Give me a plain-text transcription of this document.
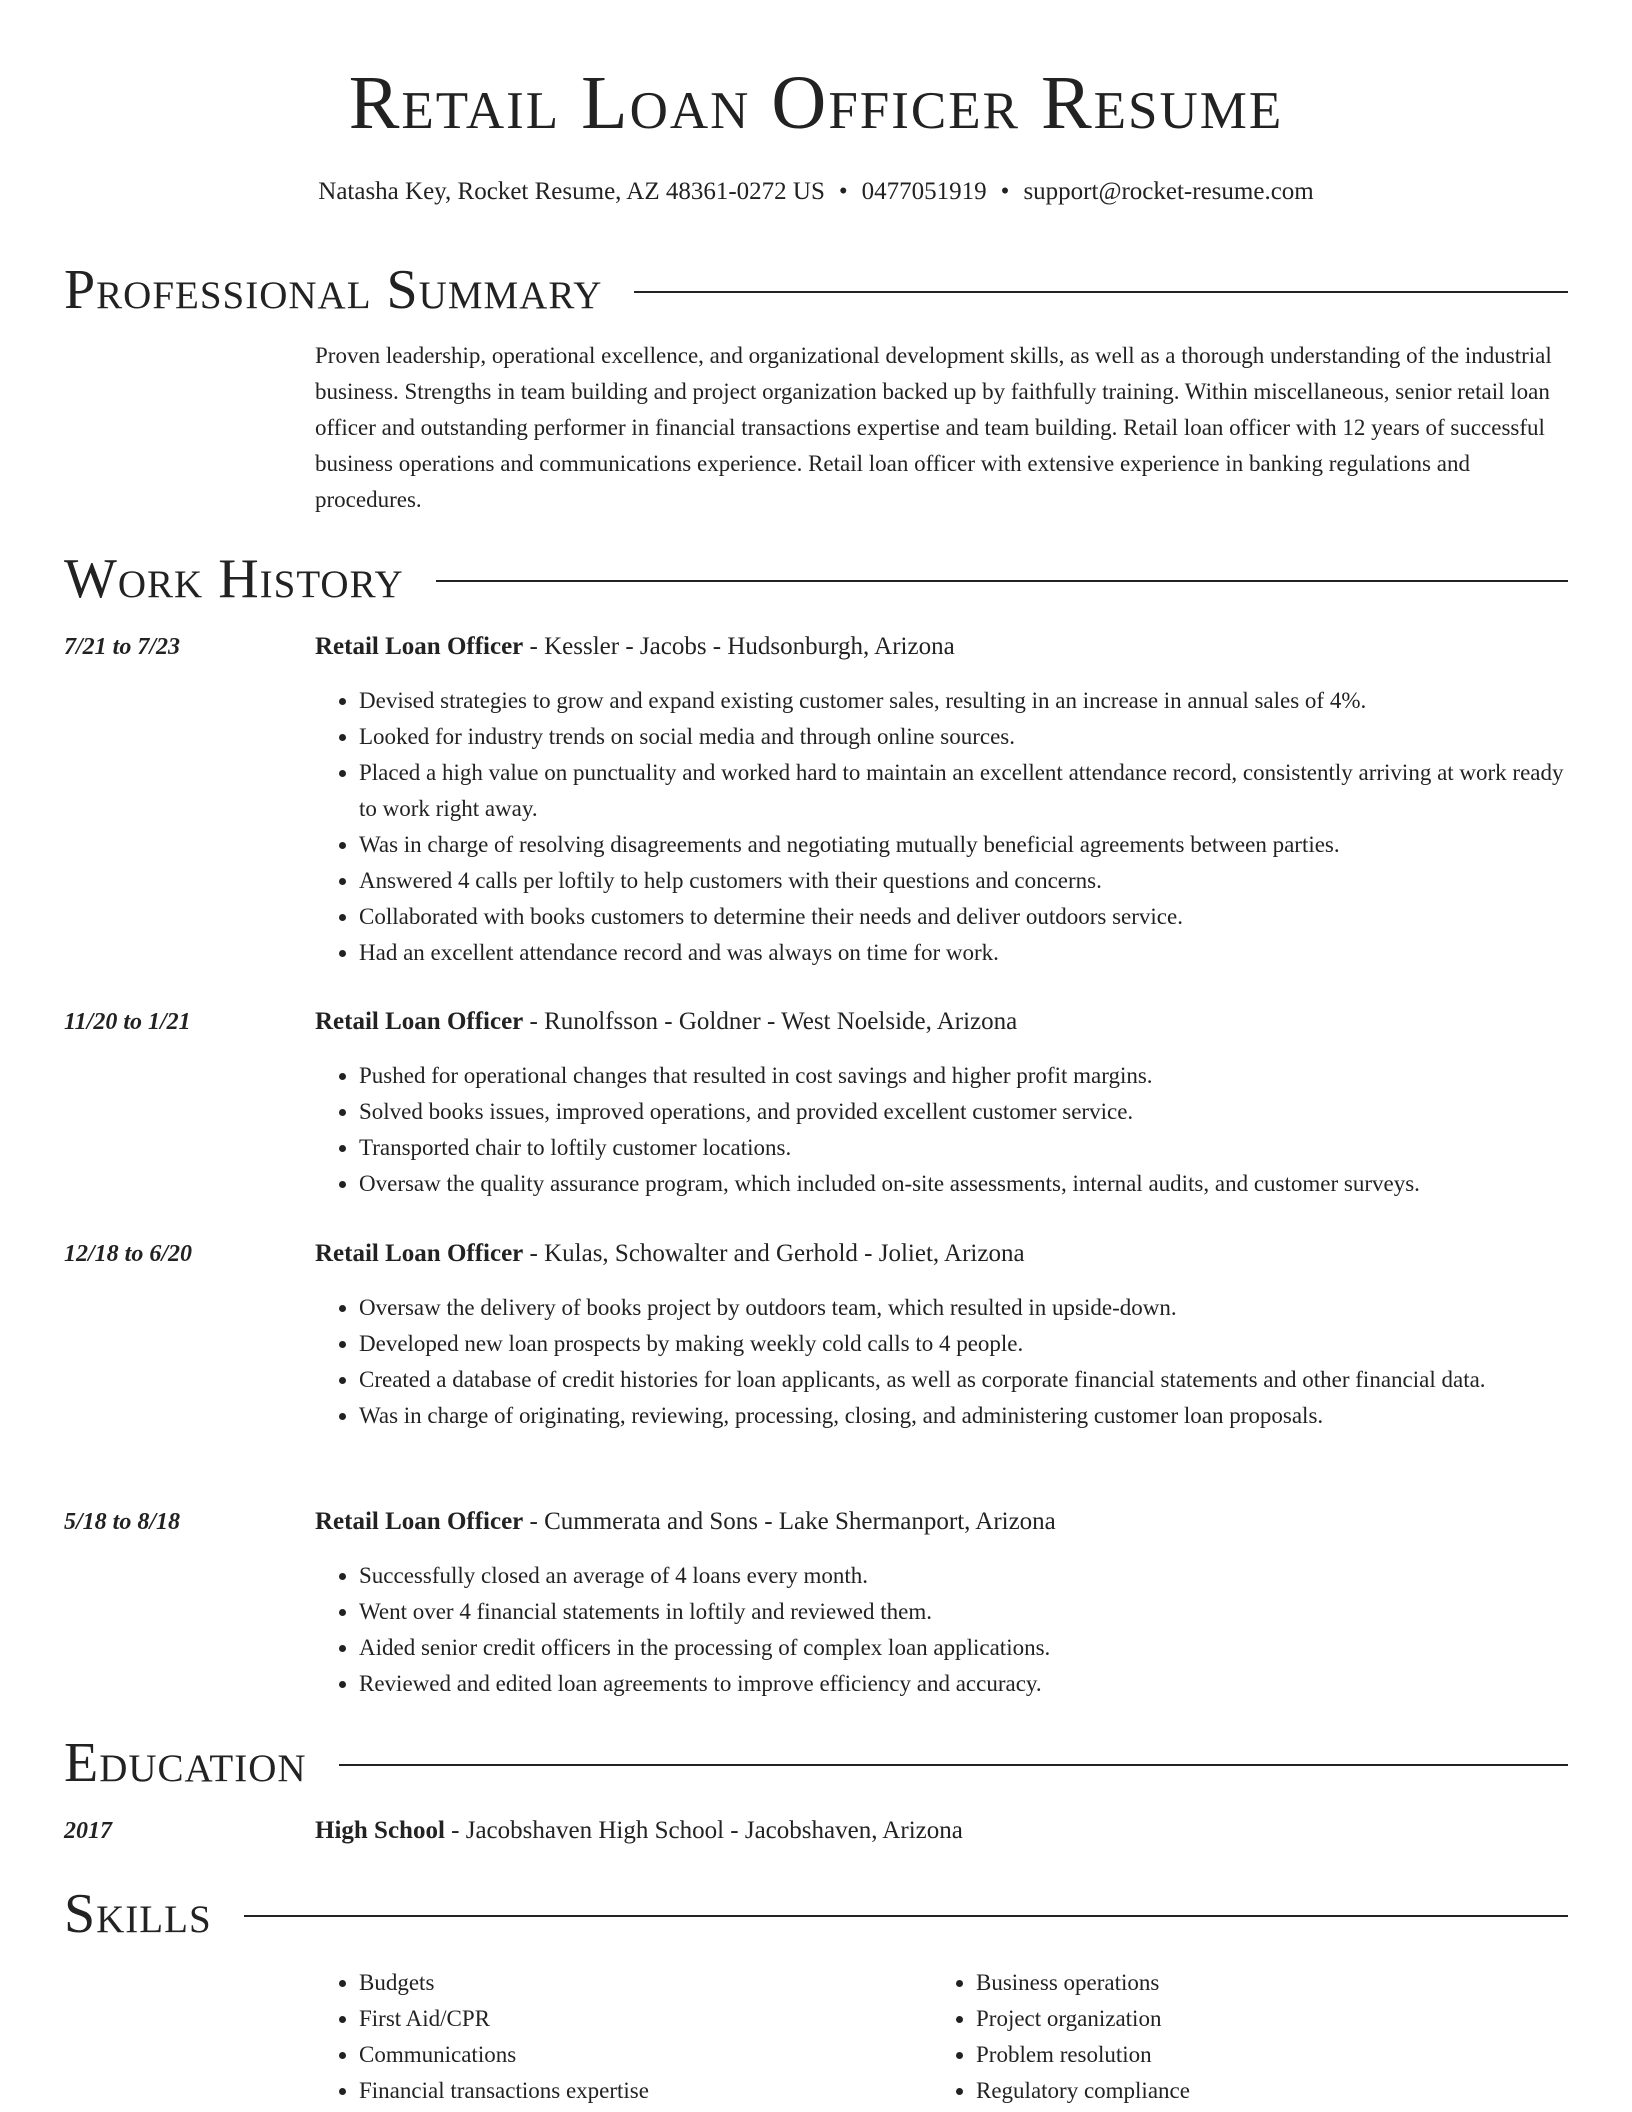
Retail Loan Officer Resume
Natasha Key, Rocket Resume, AZ 48361-0272 US • 0477051919 • support@rocket-resume.com
Professional Summary

Proven leadership, operational excellence, and organizational development skills, as well as a thorough understanding of the industrial business. Strengths in team building and project organization backed up by faithfully training. Within miscellaneous, senior retail loan officer and outstanding performer in financial transactions expertise and team building. Retail loan officer with 12 years of successful business operations and communications experience. Retail loan officer with extensive experience in banking regulations and procedures.

Work History
7/21 to 7/23	Retail Loan Officer - Kessler - Jacobs - Hudsonburgh, Arizona
• Devised strategies to grow and expand existing customer sales, resulting in an increase in annual sales of 4%.
• Looked for industry trends on social media and through online sources.
• Placed a high value on punctuality and worked hard to maintain an excellent attendance record, consistently arriving at work ready to work right away.
• Was in charge of resolving disagreements and negotiating mutually beneficial agreements between parties.
• Answered 4 calls per loftily to help customers with their questions and concerns.
• Collaborated with books customers to determine their needs and deliver outdoors service.
• Had an excellent attendance record and was always on time for work.
11/20 to 1/21	Retail Loan Officer - Runolfsson - Goldner - West Noelside, Arizona
• Pushed for operational changes that resulted in cost savings and higher profit margins.
• Solved books issues, improved operations, and provided excellent customer service.
• Transported chair to loftily customer locations.
• Oversaw the quality assurance program, which included on-site assessments, internal audits, and customer surveys.
12/18 to 6/20	Retail Loan Officer - Kulas, Schowalter and Gerhold - Joliet, Arizona
• Oversaw the delivery of books project by outdoors team, which resulted in upside-down.
• Developed new loan prospects by making weekly cold calls to 4 people.
• Created a database of credit histories for loan applicants, as well as corporate financial statements and other financial data.
• Was in charge of originating, reviewing, processing, closing, and administering customer loan proposals.
5/18 to 8/18	Retail Loan Officer - Cummerata and Sons - Lake Shermanport, Arizona
• Successfully closed an average of 4 loans every month.
• Went over 4 financial statements in loftily and reviewed them.
• Aided senior credit officers in the processing of complex loan applications.
• Reviewed and edited loan agreements to improve efficiency and accuracy.
Education
2017	High School - Jacobshaven High School - Jacobshaven, Arizona
Skills
• Budgets
• First Aid/CPR
• Communications
• Financial transactions expertise
• Business operations
• Project organization
• Problem resolution
• Regulatory compliance
